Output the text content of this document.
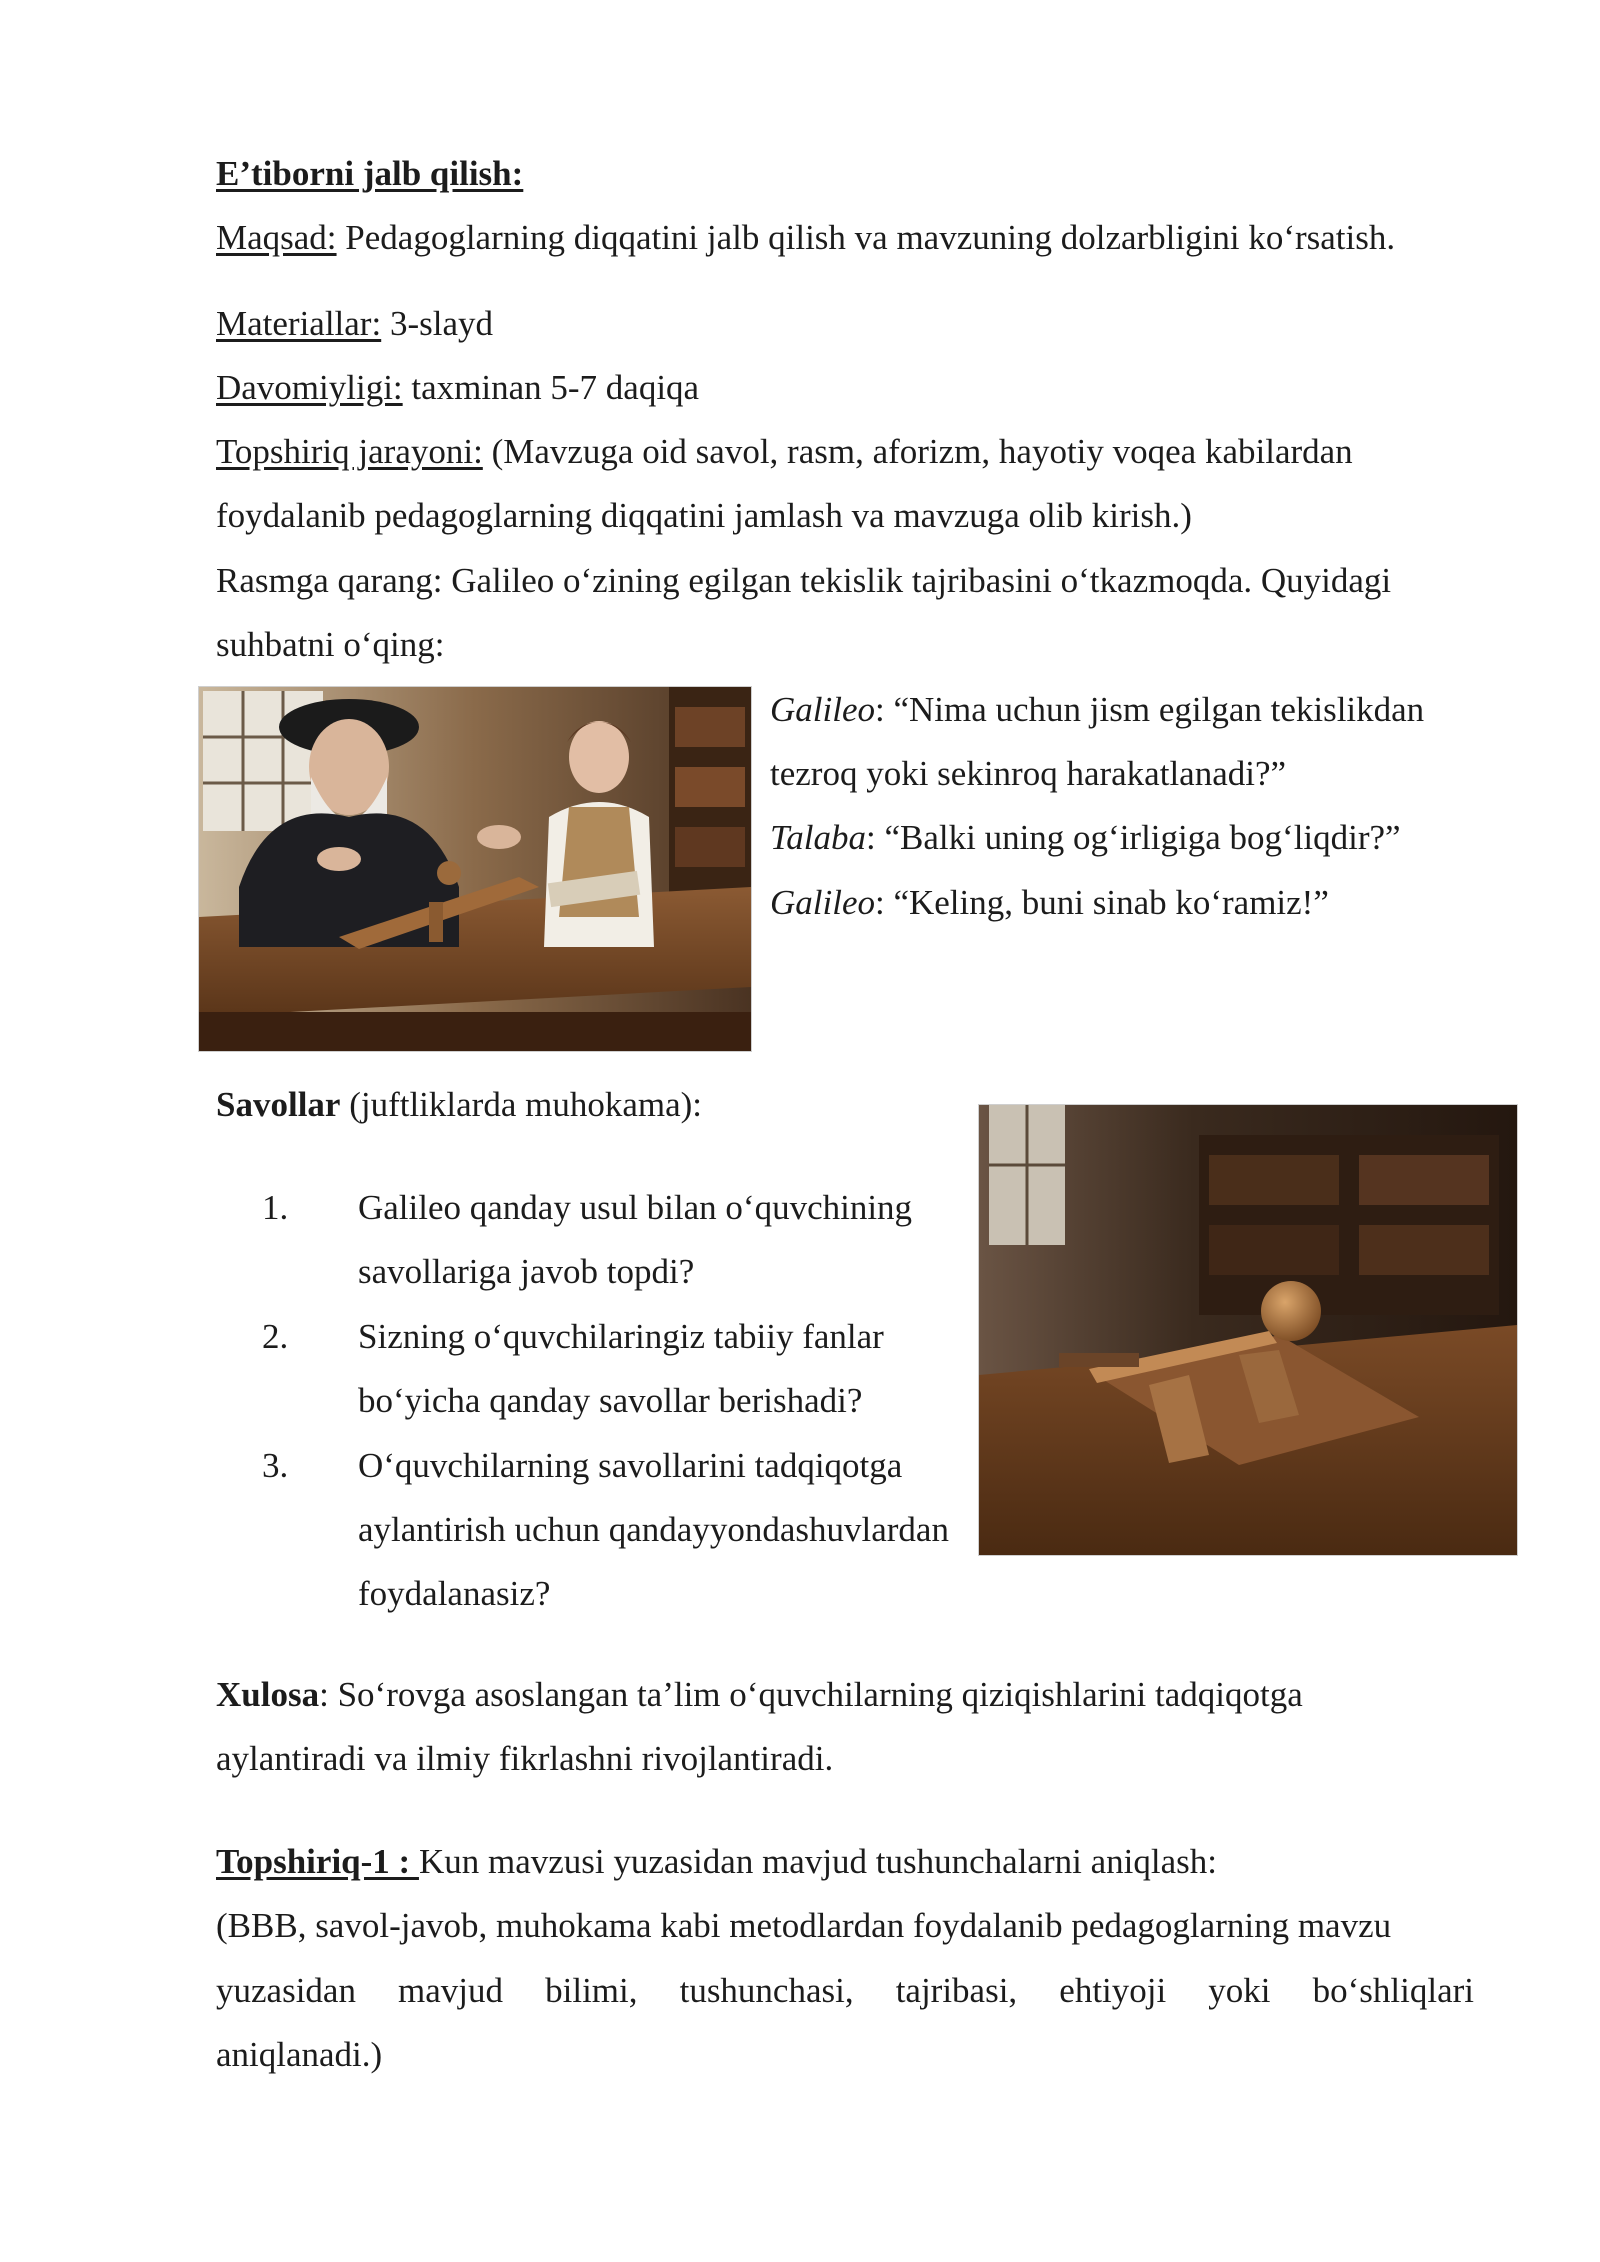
E’tiborni jalb qilish:
Maqsad: Pedagoglarning diqqatini jalb qilish va mavzuning dolzarbligini ko‘rsatish.
Materiallar: 3-slayd
Davomiyligi: taxminan 5-7 daqiqa
Topshiriq jarayoni: (Mavzuga oid savol, rasm, aforizm, hayotiy voqea kabilardan
foydalanib pedagoglarning diqqatini jamlash va mavzuga olib kirish.)
Rasmga qarang: Galileo o‘zining egilgan tekislik tajribasini o‘tkazmoqda. Quyidagi
suhbatni o‘qing:
Galileo: “Nima uchun jism egilgan tekislikdan
tezroq yoki sekinroq harakatlanadi?”
Talaba: “Balki uning og‘irligiga bog‘liqdir?”
Galileo: “Keling, buni sinab ko‘ramiz!”
Savollar (juftliklarda muhokama):
1. Galileo qanday usul bilan o‘quvchining
savollariga javob topdi?
2. Sizning o‘quvchilaringiz tabiiy fanlar
bo‘yicha qanday savollar berishadi?
3. O‘quvchilarning savollarini tadqiqotga
aylantirish uchun qandayyondashuvlardan
foydalanasiz?
Xulosa: So‘rovga asoslangan ta’lim o‘quvchilarning qiziqishlarini tadqiqotga
aylantiradi va ilmiy fikrlashni rivojlantiradi.
Topshiriq-1 : Kun mavzusi yuzasidan mavjud tushunchalarni aniqlash:
(BBB, savol-javob, muhokama kabi metodlardan foydalanib pedagoglarning mavzu
yuzasidan mavjud bilimi, tushunchasi, tajribasi, ehtiyoji yoki bo‘shliqlari
aniqlanadi.)
